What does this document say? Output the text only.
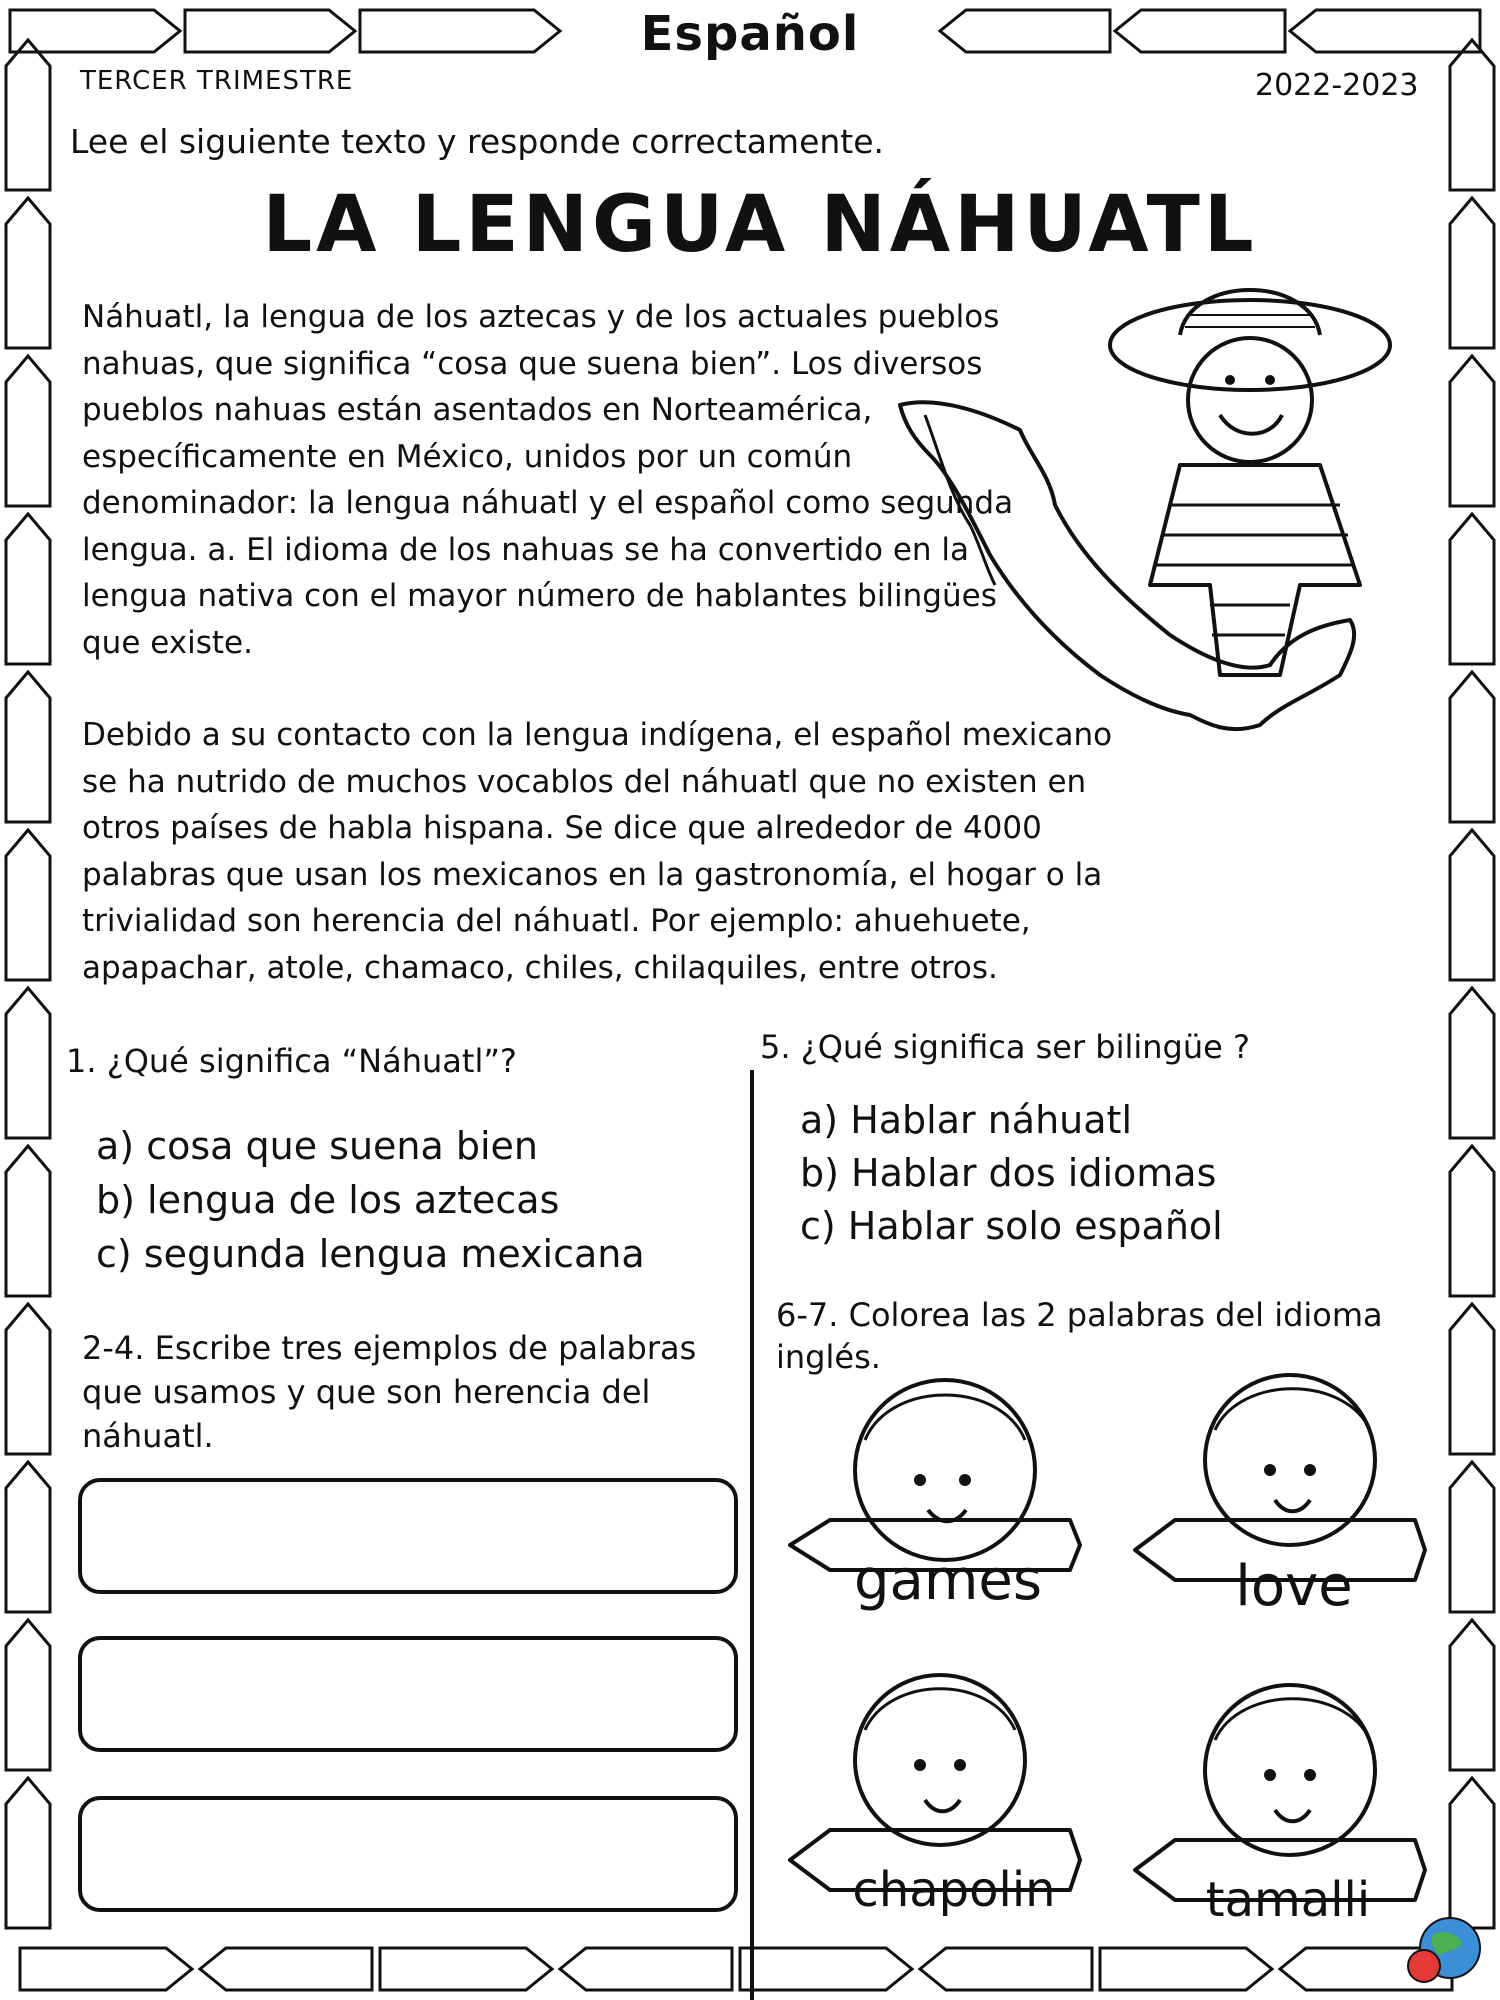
Español
TERCER TRIMESTRE	2022-2023
Lee el siguiente texto y responde correctamente.
LA LENGUA NÁHUATL
Náhuatl, la lengua de los aztecas y de los actuales pueblos nahuas, que significa “cosa que suena bien”. Los diversos pueblos nahuas están asentados en Norteamérica, específicamente en México, unidos por un común denominador: la lengua náhuatl y el español como segunda lengua. a. El idioma de los nahuas se ha convertido en la lengua nativa con el mayor número de hablantes bilingües que existe.
Debido a su contacto con la lengua indígena, el español mexicano se ha nutrido de muchos vocablos del náhuatl que no existen en otros países de habla hispana. Se dice que alrededor de 4000 palabras que usan los mexicanos en la gastronomía, el hogar o la trivialidad son herencia del náhuatl. Por ejemplo: ahuehuete, apapachar, atole, chamaco, chiles, chilaquiles, entre otros.
1. ¿Qué significa “Náhuatl”?
a) cosa que suena bien
b) lengua de los aztecas
c) segunda lengua mexicana
2-4. Escribe tres ejemplos de palabras que usamos y que son herencia del náhuatl.
5. ¿Qué significa ser bilingüe ?
a) Hablar náhuatl
b) Hablar dos idiomas
c) Hablar solo español
6-7. Colorea las 2 palabras del idioma inglés.
games	love
chapolin	tamalli
